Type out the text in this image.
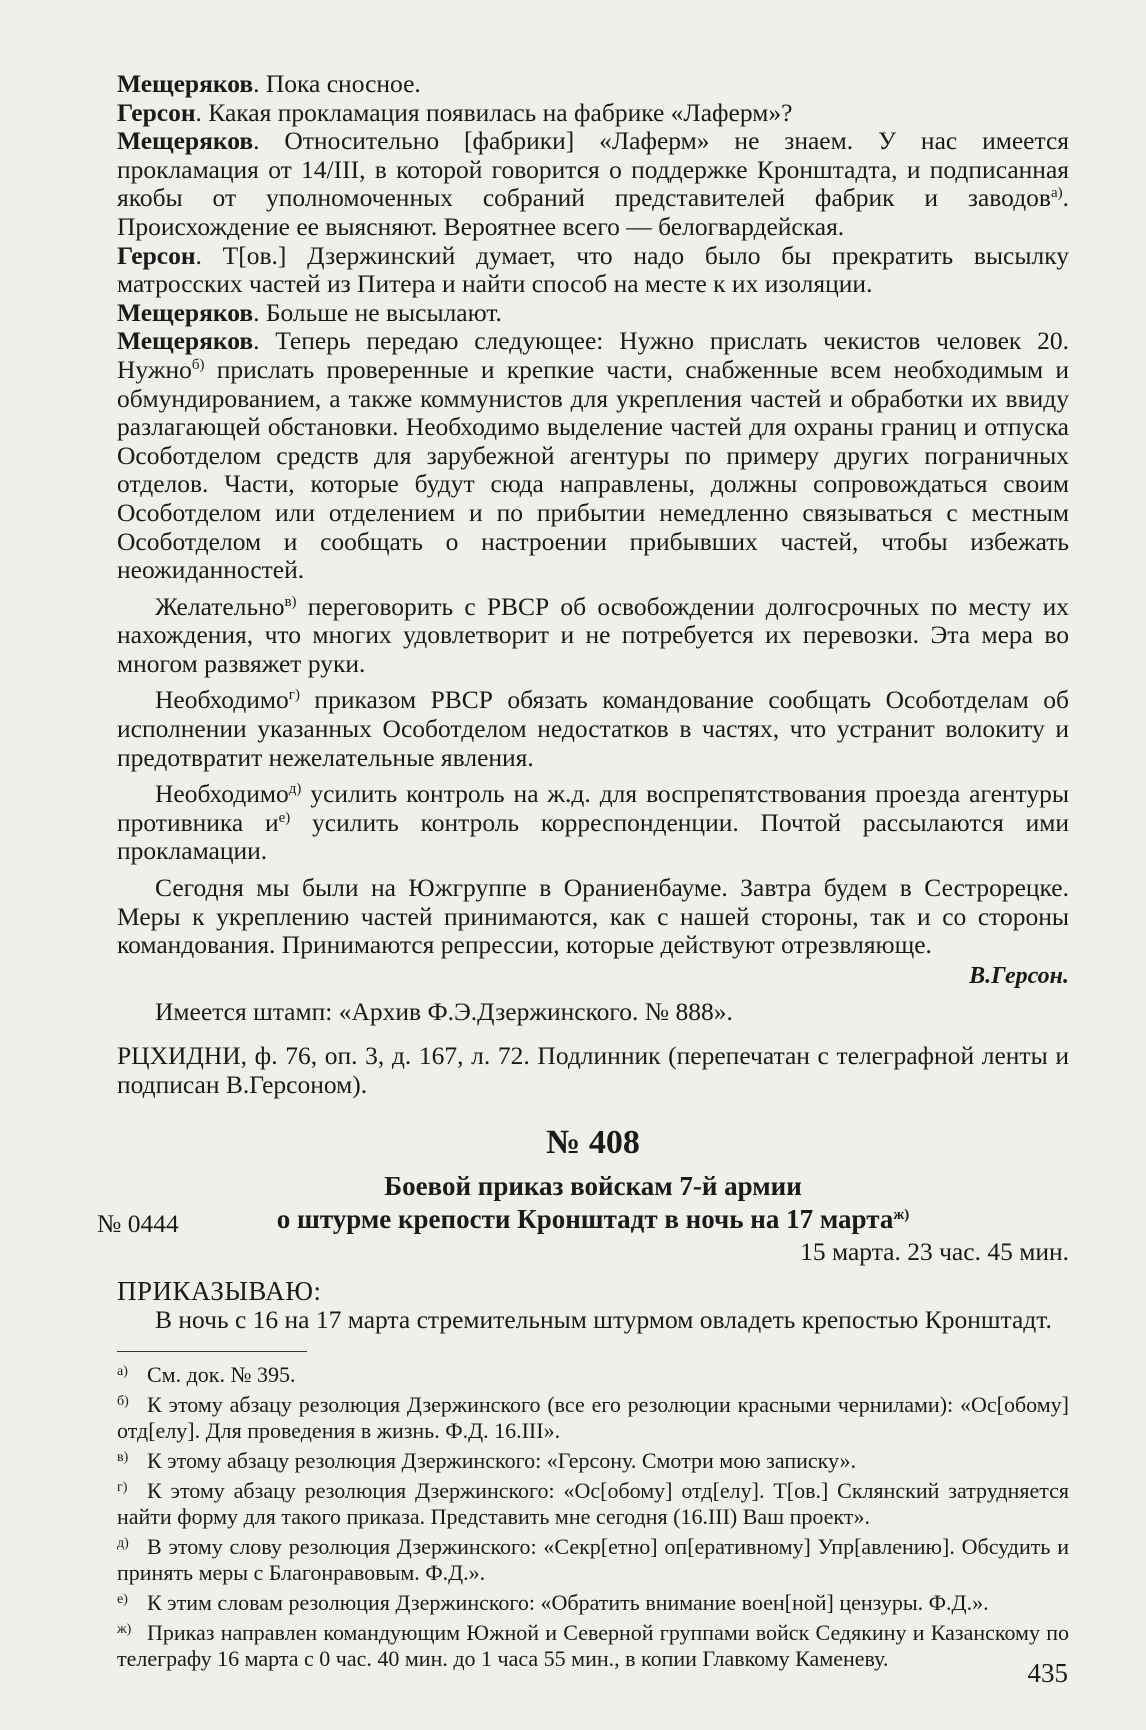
Мещеряков. Пока сносное.

Герсон. Какая прокламация появилась на фабрике «Лаферм»?

Мещеряков. Относительно [фабрики] «Лаферм» не знаем. У нас имеется прокламация от 14/III, в которой говорится о поддержке Кронштадта, и подписанная якобы от уполномоченных собраний представителей фабрик и заводов$^{а)}$. Происхождение ее выясняют. Вероятнее всего — белогвардейская.

Герсон. Т[ов.] Дзержинский думает, что надо было бы прекратить высылку матросских частей из Питера и найти способ на месте к их изоляции.

Мещеряков. Больше не высылают.

Мещеряков. Теперь передаю следующее: Нужно прислать чекистов человек 20. Нужно$^{б)}$ прислать проверенные и крепкие части, снабженные всем необходимым и обмундированием, а также коммунистов для укрепления частей и обработки их ввиду разлагающей обстановки. Необходимо выделение частей для охраны границ и отпуска Особотделом средств для зарубежной агентуры по примеру других пограничных отделов. Части, которые будут сюда направлены, должны сопровождаться своим Особотделом или отделением и по прибытии немедленно связываться с местным Особотделом и сообщать о настроении прибывших частей, чтобы избежать неожиданностей.

Желательно$^{в)}$ переговорить с РВСР об освобождении долгосрочных по месту их нахождения, что многих удовлетворит и не потребуется их перевозки. Эта мера во многом развяжет руки.

Необходимо$^{г)}$ приказом РВСР обязать командование сообщать Особотделам об исполнении указанных Особотделом недостатков в частях, что устранит волокиту и предотвратит нежелательные явления.

Необходимо$^{д)}$ усилить контроль на ж.д. для воспрепятствования проезда агентуры противника $и^{е)}$ усилить контроль корреспонденции. Почтой рассылаются ими прокламации.

Сегодня мы были на Южгруппе в Ораниенбауме. Завтра будем в Сестрорецке. Меры к укреплению частей принимаются, как с нашей стороны, так и со стороны командования. Принимаются репрессии, которые действуют отрезвляюще.

В.Герсон.

Имеется штамп: «Архив Ф.Э.Дзержинского. № 888».

РЦХИДНИ, ф. 76, оп. 3, д. 167, л. 72. Подлинник (перепечатан с телеграфной ленты и подписан В.Герсоном).

№ 408
Боевой приказ войскам 7-й армии
о штурме крепости Кронштадт в ночь на 17 марта$^{ж)}$
№ 0444
15 марта. 23 час. 45 мин.
ПРИКАЗЫВАЮ:

В ночь с 16 на 17 марта стремительным штурмом овладеть крепостью Кронштадт.

$^{а)}$ См. док. № 395.
$^{б)}$ К этому абзацу резолюция Дзержинского (все его резолюции красными чернилами): «Ос[обому] отд[елу]. Для проведения в жизнь. Ф.Д. 16.III».
$^{в)}$ К этому абзацу резолюция Дзержинского: «Герсону. Смотри мою записку».
$^{г)}$ К этому абзацу резолюция Дзержинского: «Ос[обому] отд[елу]. Т[ов.] Склянский затрудняется найти форму для такого приказа. Представить мне сегодня (16.III) Ваш проект».
$^{д)}$ В этому слову резолюция Дзержинского: «Секр[етно] оп[еративному] Упр[авлению]. Обсудить и принять меры с Благонравовым. Ф.Д.».
$^{е)}$ К этим словам резолюция Дзержинского: «Обратить внимание воен[ной] цензуры. Ф.Д.».
$^{ж)}$ Приказ направлен командующим Южной и Северной группами войск Седякину и Казанскому по телеграфу 16 марта с 0 час. 40 мин. до 1 часа 55 мин., в копии Главкому Каменеву.	435
